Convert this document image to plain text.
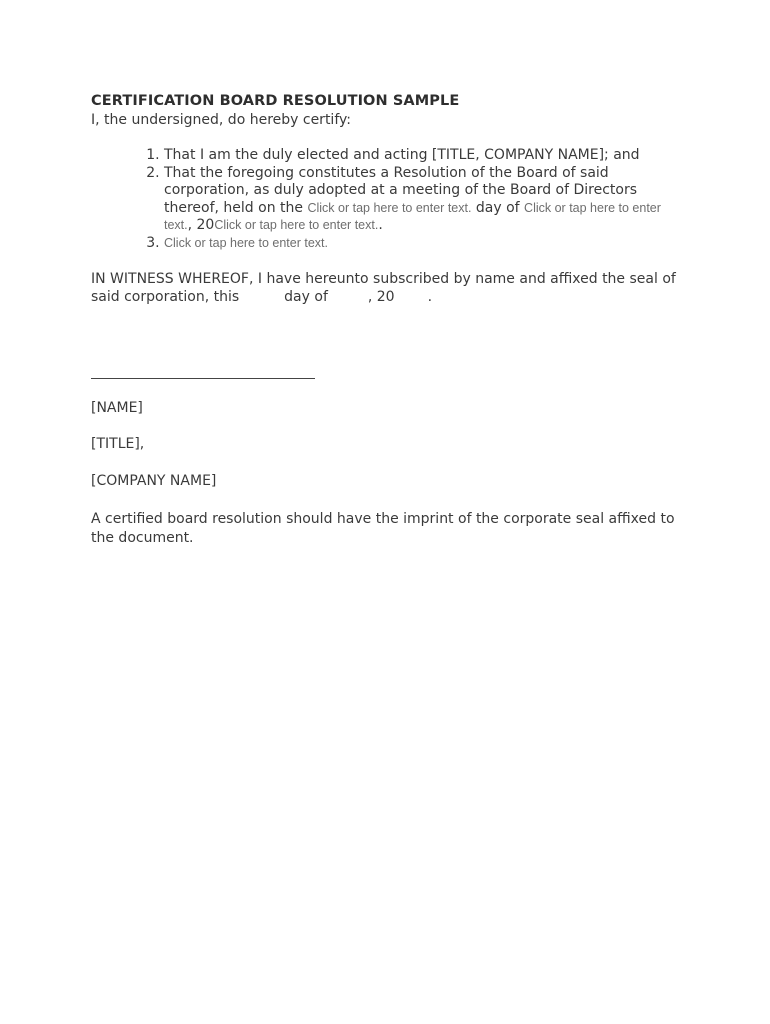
CERTIFICATION BOARD RESOLUTION SAMPLE
I, the undersigned, do hereby certify:
1. That I am the duly elected and acting [TITLE, COMPANY NAME]; and
2. That the foregoing constitutes a Resolution of the Board of said corporation, as duly adopted at a meeting of the Board of Directors thereof, held on the Click or tap here to enter text. day of Click or tap here to enter text., 20Click or tap here to enter text..
3. Click or tap here to enter text.
IN WITNESS WHEREOF, I have hereunto subscribed by name and affixed the seal of said corporation, this	day of	, 20 .
[NAME]
[TITLE],
[COMPANY NAME]
A certified board resolution should have the imprint of the corporate seal affixed to the document.
